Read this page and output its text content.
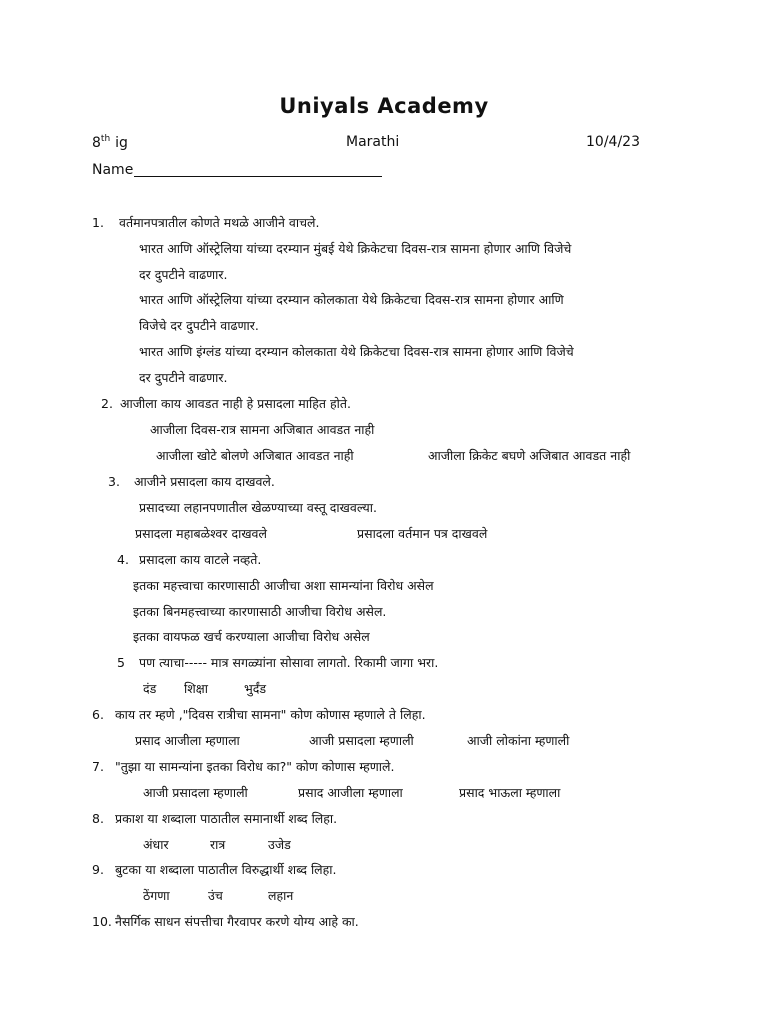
Uniyals Academy
8th ig	Marathi	10/4/23
Name
1. वर्तमानपत्रातील कोणते मथळे आजीने वाचले.
भारत आणि ऑस्ट्रेलिया यांच्या दरम्यान मुंबई येथे क्रिकेटचा दिवस-रात्र सामना होणार आणि विजेचे
दर दुपटीने वाढणार.
भारत आणि ऑस्ट्रेलिया यांच्या दरम्यान कोलकाता येथे क्रिकेटचा दिवस-रात्र सामना होणार आणि
विजेचे दर दुपटीने वाढणार.
भारत आणि इंग्लंड यांच्या दरम्यान कोलकाता येथे क्रिकेटचा दिवस-रात्र सामना होणार आणि विजेचे
दर दुपटीने वाढणार.
2. आजीला काय आवडत नाही हे प्रसादला माहित होते.
आजीला दिवस-रात्र सामना अजिबात आवडत नाही
आजीला खोटे बोलणे अजिबात आवडत नाही	आजीला क्रिकेट बघणे अजिबात आवडत नाही
3. आजीने प्रसादला काय दाखवले.
प्रसादच्या लहानपणातील खेळण्याच्या वस्तू दाखवल्या.
प्रसादला महाबळेश्वर दाखवले	प्रसादला वर्तमान पत्र दाखवले
4. प्रसादला काय वाटले नव्हते.
इतका महत्त्वाचा कारणासाठी आजीचा अशा सामन्यांना विरोध असेल
इतका बिनमहत्त्वाच्या कारणासाठी आजीचा विरोध असेल.
इतका वायफळ खर्च करण्याला आजीचा विरोध असेल
5 पण त्याचा----- मात्र सगळ्यांना सोसावा लागतो. रिकामी जागा भरा.
दंड शिक्षा	भुर्दंड
6. काय तर म्हणे ,"दिवस रात्रीचा सामना" कोण कोणास म्हणाले ते लिहा.
प्रसाद आजीला म्हणाला	आजी प्रसादला म्हणाली	आजी लोकांना म्हणाली
7. "तुझा या सामन्यांना इतका विरोध का?" कोण कोणास म्हणाले.
आजी प्रसादला म्हणाली	प्रसाद आजीला म्हणाला	प्रसाद भाऊला म्हणाला
8. प्रकाश या शब्दाला पाठातील समानार्थी शब्द लिहा.
अंधार	रात्र	उजेड
9. बुटका या शब्दाला पाठातील विरुद्धार्थी शब्द लिहा.
ठेंगणा	उंच	लहान
10. नैसर्गिक साधन संपत्तीचा गैरवापर करणे योग्य आहे का.
